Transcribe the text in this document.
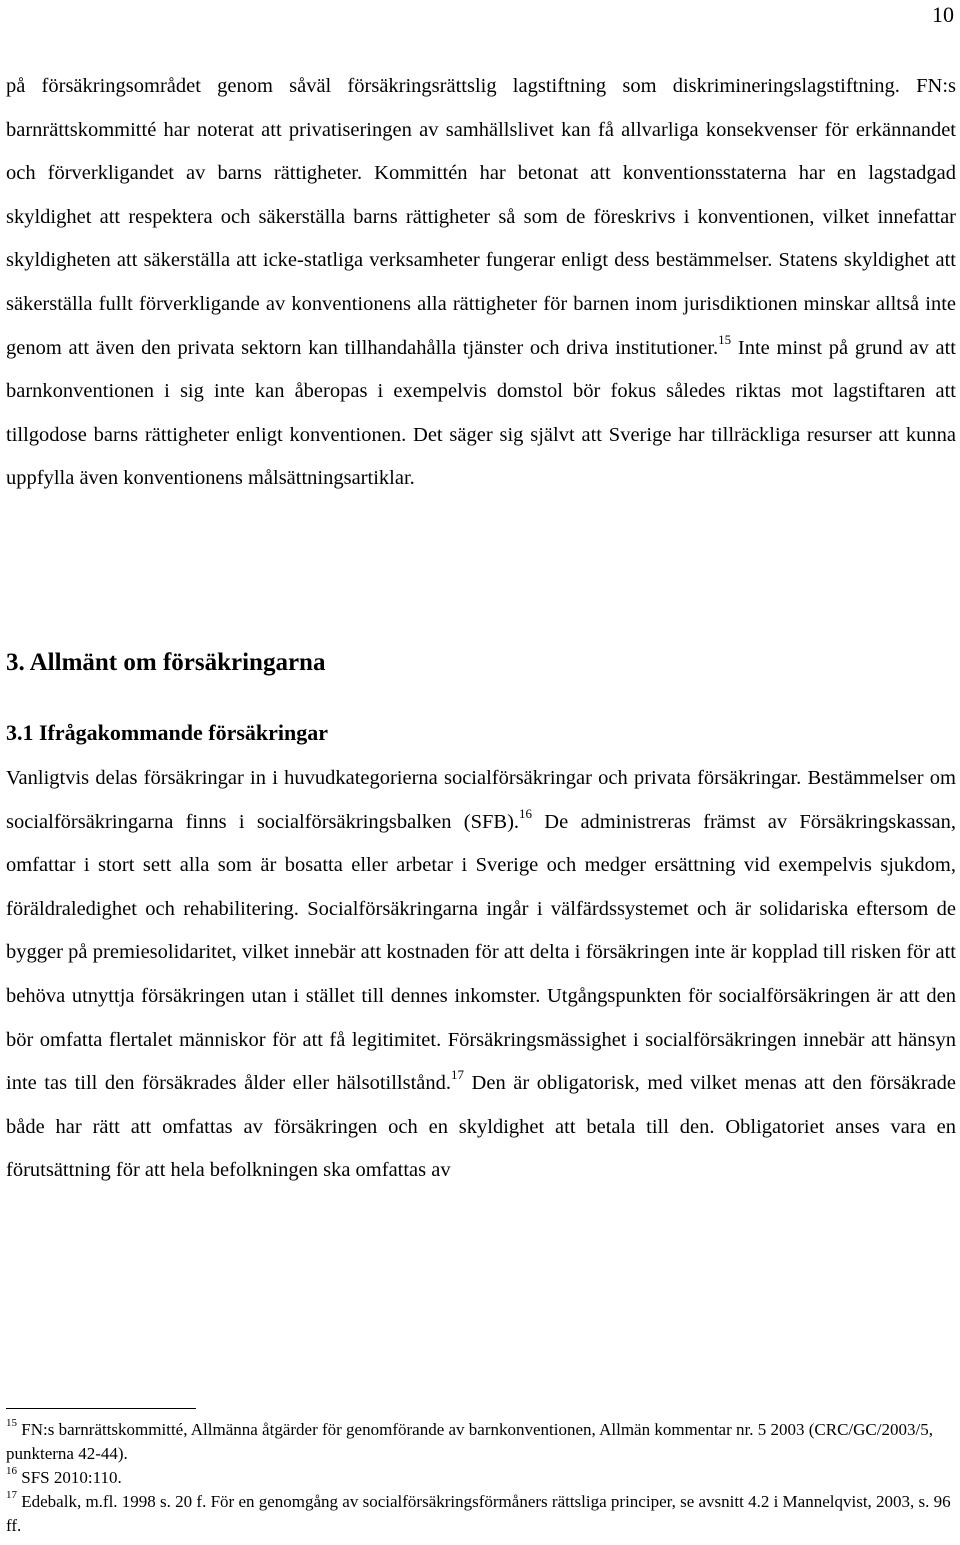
10

på försäkringsområdet genom såväl försäkringsrättslig lagstiftning som diskrimineringslagstiftning. FN:s barnrättskommitté har noterat att privatiseringen av samhällslivet kan få allvarliga konsekvenser för erkännandet och förverkligandet av barns rättigheter. Kommittén har betonat att konventionsstaterna har en lagstadgad skyldighet att respektera och säkerställa barns rättigheter så som de föreskrivs i konventionen, vilket innefattar skyldigheten att säkerställa att icke-statliga verksamheter fungerar enligt dess bestämmelser. Statens skyldighet att säkerställa fullt förverkligande av konventionens alla rättigheter för barnen inom jurisdiktionen minskar alltså inte genom att även den privata sektorn kan tillhandahålla tjänster och driva institutioner.$^{15}$ Inte minst på grund av att barnkonventionen i sig inte kan åberopas i exempelvis domstol bör fokus således riktas mot lagstiftaren att tillgodose barns rättigheter enligt konventionen. Det säger sig självt att Sverige har tillräckliga resurser att kunna uppfylla även konventionens målsättningsartiklar.

3. Allmänt om försäkringarna
3.1 Ifrågakommande försäkringar

Vanligtvis delas försäkringar in i huvudkategorierna socialförsäkringar och privata försäkringar. Bestämmelser om socialförsäkringarna finns i socialförsäkringsbalken (SFB).$^{16}$ De administreras främst av Försäkringskassan, omfattar i stort sett alla som är bosatta eller arbetar i Sverige och medger ersättning vid exempelvis sjukdom, föräldraledighet och rehabilitering. Socialförsäkringarna ingår i välfärdssystemet och är solidariska eftersom de bygger på premiesolidaritet, vilket innebär att kostnaden för att delta i försäkringen inte är kopplad till risken för att behöva utnyttja försäkringen utan i stället till dennes inkomster. Utgångspunkten för socialförsäkringen är att den bör omfatta flertalet människor för att få legitimitet. Försäkringsmässighet i socialförsäkringen innebär att hänsyn inte tas till den försäkrades ålder eller hälsotillstånd.$^{17}$ Den är obligatorisk, med vilket menas att den försäkrade både har rätt att omfattas av försäkringen och en skyldighet att betala till den. Obligatoriet anses vara en förutsättning för att hela befolkningen ska omfattas av

$^{15}$ FN:s barnrättskommitté, Allmänna åtgärder för genomförande av barnkonventionen, Allmän kommentar nr. 5 2003 (CRC/GC/2003/5, punkterna 42-44).

$^{16}$ SFS 2010:110.

$^{17}$ Edebalk, m.fl. 1998 s. 20 f. För en genomgång av socialförsäkringsförmåners rättsliga principer, se avsnitt 4.2 i Mannelqvist, 2003, s. 96 ff.
